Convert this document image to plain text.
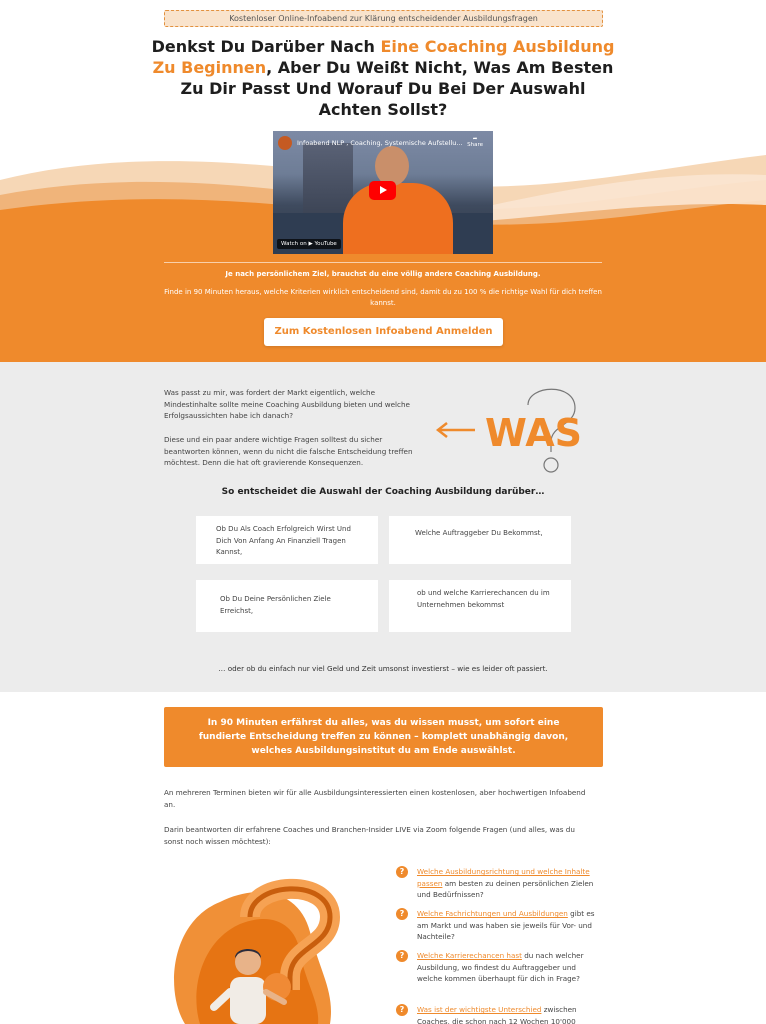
Kostenloser Online-Infoabend zur Klärung entscheidender Ausbildungsfragen
Denkst Du Darüber Nach Eine Coaching Ausbildung Zu Beginnen, Aber Du Weißt Nicht, Was Am Besten Zu Dir Passt Und Worauf Du Bei Der Auswahl Achten Sollst?
Infoabend NLP , Coaching, Systemische Aufstellu...	➦
Share
Watch on ▶ YouTube
Je nach persönlichem Ziel, brauchst du eine völlig andere Coaching Ausbildung.
Finde in 90 Minuten heraus, welche Kriterien wirklich entscheidend sind, damit du zu 100 % die richtige Wahl für dich treffen kannst.
Zum Kostenlosen Infoabend Anmelden

Was passt zu mir, was fordert der Markt eigentlich, welche Mindestinhalte sollte meine Coaching Ausbildung bieten und welche Erfolgsaussichten habe ich danach?

Diese und ein paar andere wichtige Fragen solltest du sicher beantworten können, wenn du nicht die falsche Entscheidung treffen möchtest. Denn die hat oft gravierende Konsequenzen.

WAS
So entscheidet die Auswahl der Coaching Ausbildung darüber…
Ob Du Als Coach Erfolgreich Wirst Und Dich Von Anfang An Finanziell Tragen Kannst,
Welche Auftraggeber Du Bekommst,
Ob Du Deine Persönlichen Ziele Erreichst,
ob und welche Karrierechancen du im Unternehmen bekommst
… oder ob du einfach nur viel Geld und Zeit umsonst investierst – wie es leider oft passiert.
In 90 Minuten erfährst du alles, was du wissen musst, um sofort eine fundierte Entscheidung treffen zu können – komplett unabhängig davon, welches Ausbildungsinstitut du am Ende auswählst.

An mehreren Terminen bieten wir für alle Ausbildungsinteressierten einen kostenlosen, aber hochwertigen Infoabend an.

Darin beantworten dir erfahrene Coaches und Branchen-Insider LIVE via Zoom folgende Fragen (und alles, was du sonst noch wissen möchtest):

?	Welche Ausbildungsrichtung und welche Inhalte passen am besten zu deinen persönlichen Zielen und Bedürfnissen?
?	Welche Fachrichtungen und Ausbildungen gibt es am Markt und was haben sie jeweils für Vor- und Nachteile?
?	Welche Karrierechancen hast du nach welcher Ausbildung, wo findest du Auftraggeber und welche kommen überhaupt für dich in Frage?
?	Was ist der wichtigste Unterschied zwischen Coaches, die schon nach 12 Wochen 10'000
